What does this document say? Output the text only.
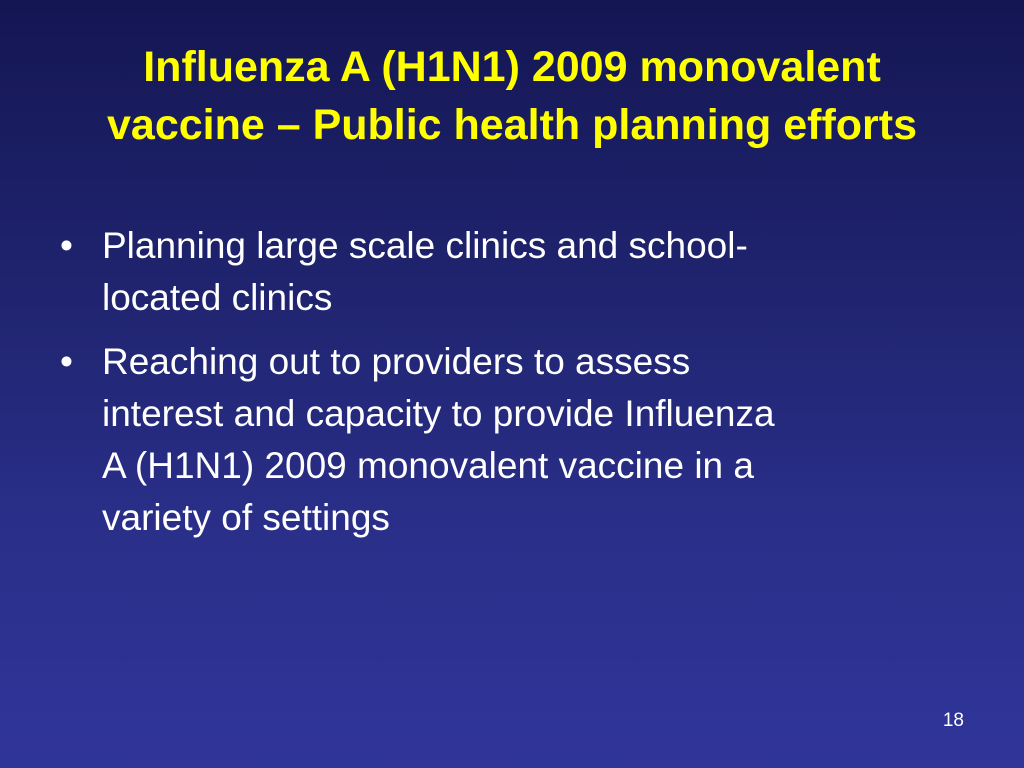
Influenza A (H1N1) 2009 monovalent
vaccine – Public health planning efforts
• Planning large scale clinics and school-
located clinics
• Reaching out to providers to assess
interest and capacity to provide Influenza
A (H1N1) 2009 monovalent vaccine in a
variety of settings
18
